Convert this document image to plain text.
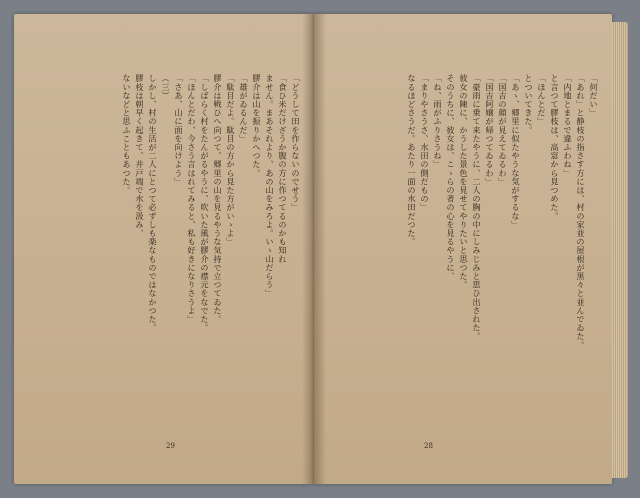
「どうして田を作らないのでせう」

「食ひ米だけざうか腹の方に作つてるのかも知れ

ません。まあそれより、あの山をみろよ。いゝ山だらう」

膠介は山を振りかへつた。

「雄がゐるんだ」

「駄目だよ。駄目の方から見た方がいゝよ」

膠介は戦ひへ向つて、郷里の山を見るやうな気持で立つてゐた。

「しばらく村をたんがるやうに、吹いた風が膠介の襟元をなでた。

「ほんとだわ、今さう言はれてみると、私も好きになりさうよ」

「さあ、山に面を向けよう」

（三）

しかし、村の生活が二人にとつて必ずしも楽なものではなかつた。

膠枝は朝早く起きて、井戸端で水を汲み、

ないなどと思ふこともあつた。

29

「何だい」

「あれ」と静枝の指さす方には、村の家並の屋根が黒々と並んでゐた。

「内地とまるで違ふわね」

と言つて膠枝は、高窓から見つめた。

「ほんとだ」

とついてきた。

「あゝ、郷里に似たやうな気がするな」

「国吉の顔が見えてゐるわ」

「国吉阿嬢が帰つてゐるわ」

「豪雨に乗て来たやうに、二人の胸の中にしみじみと思ひ出された。

彼女の陳に、かうした景色を見せてやりたいと思つた。

そのうちに、彼女は、こゝらの者の心を見るやうに、

「ね、雨がふりさうね」

「まりやさうさ、水田の側だもの」

なるほどさうだ。あたり一面の水田だつた。

28
